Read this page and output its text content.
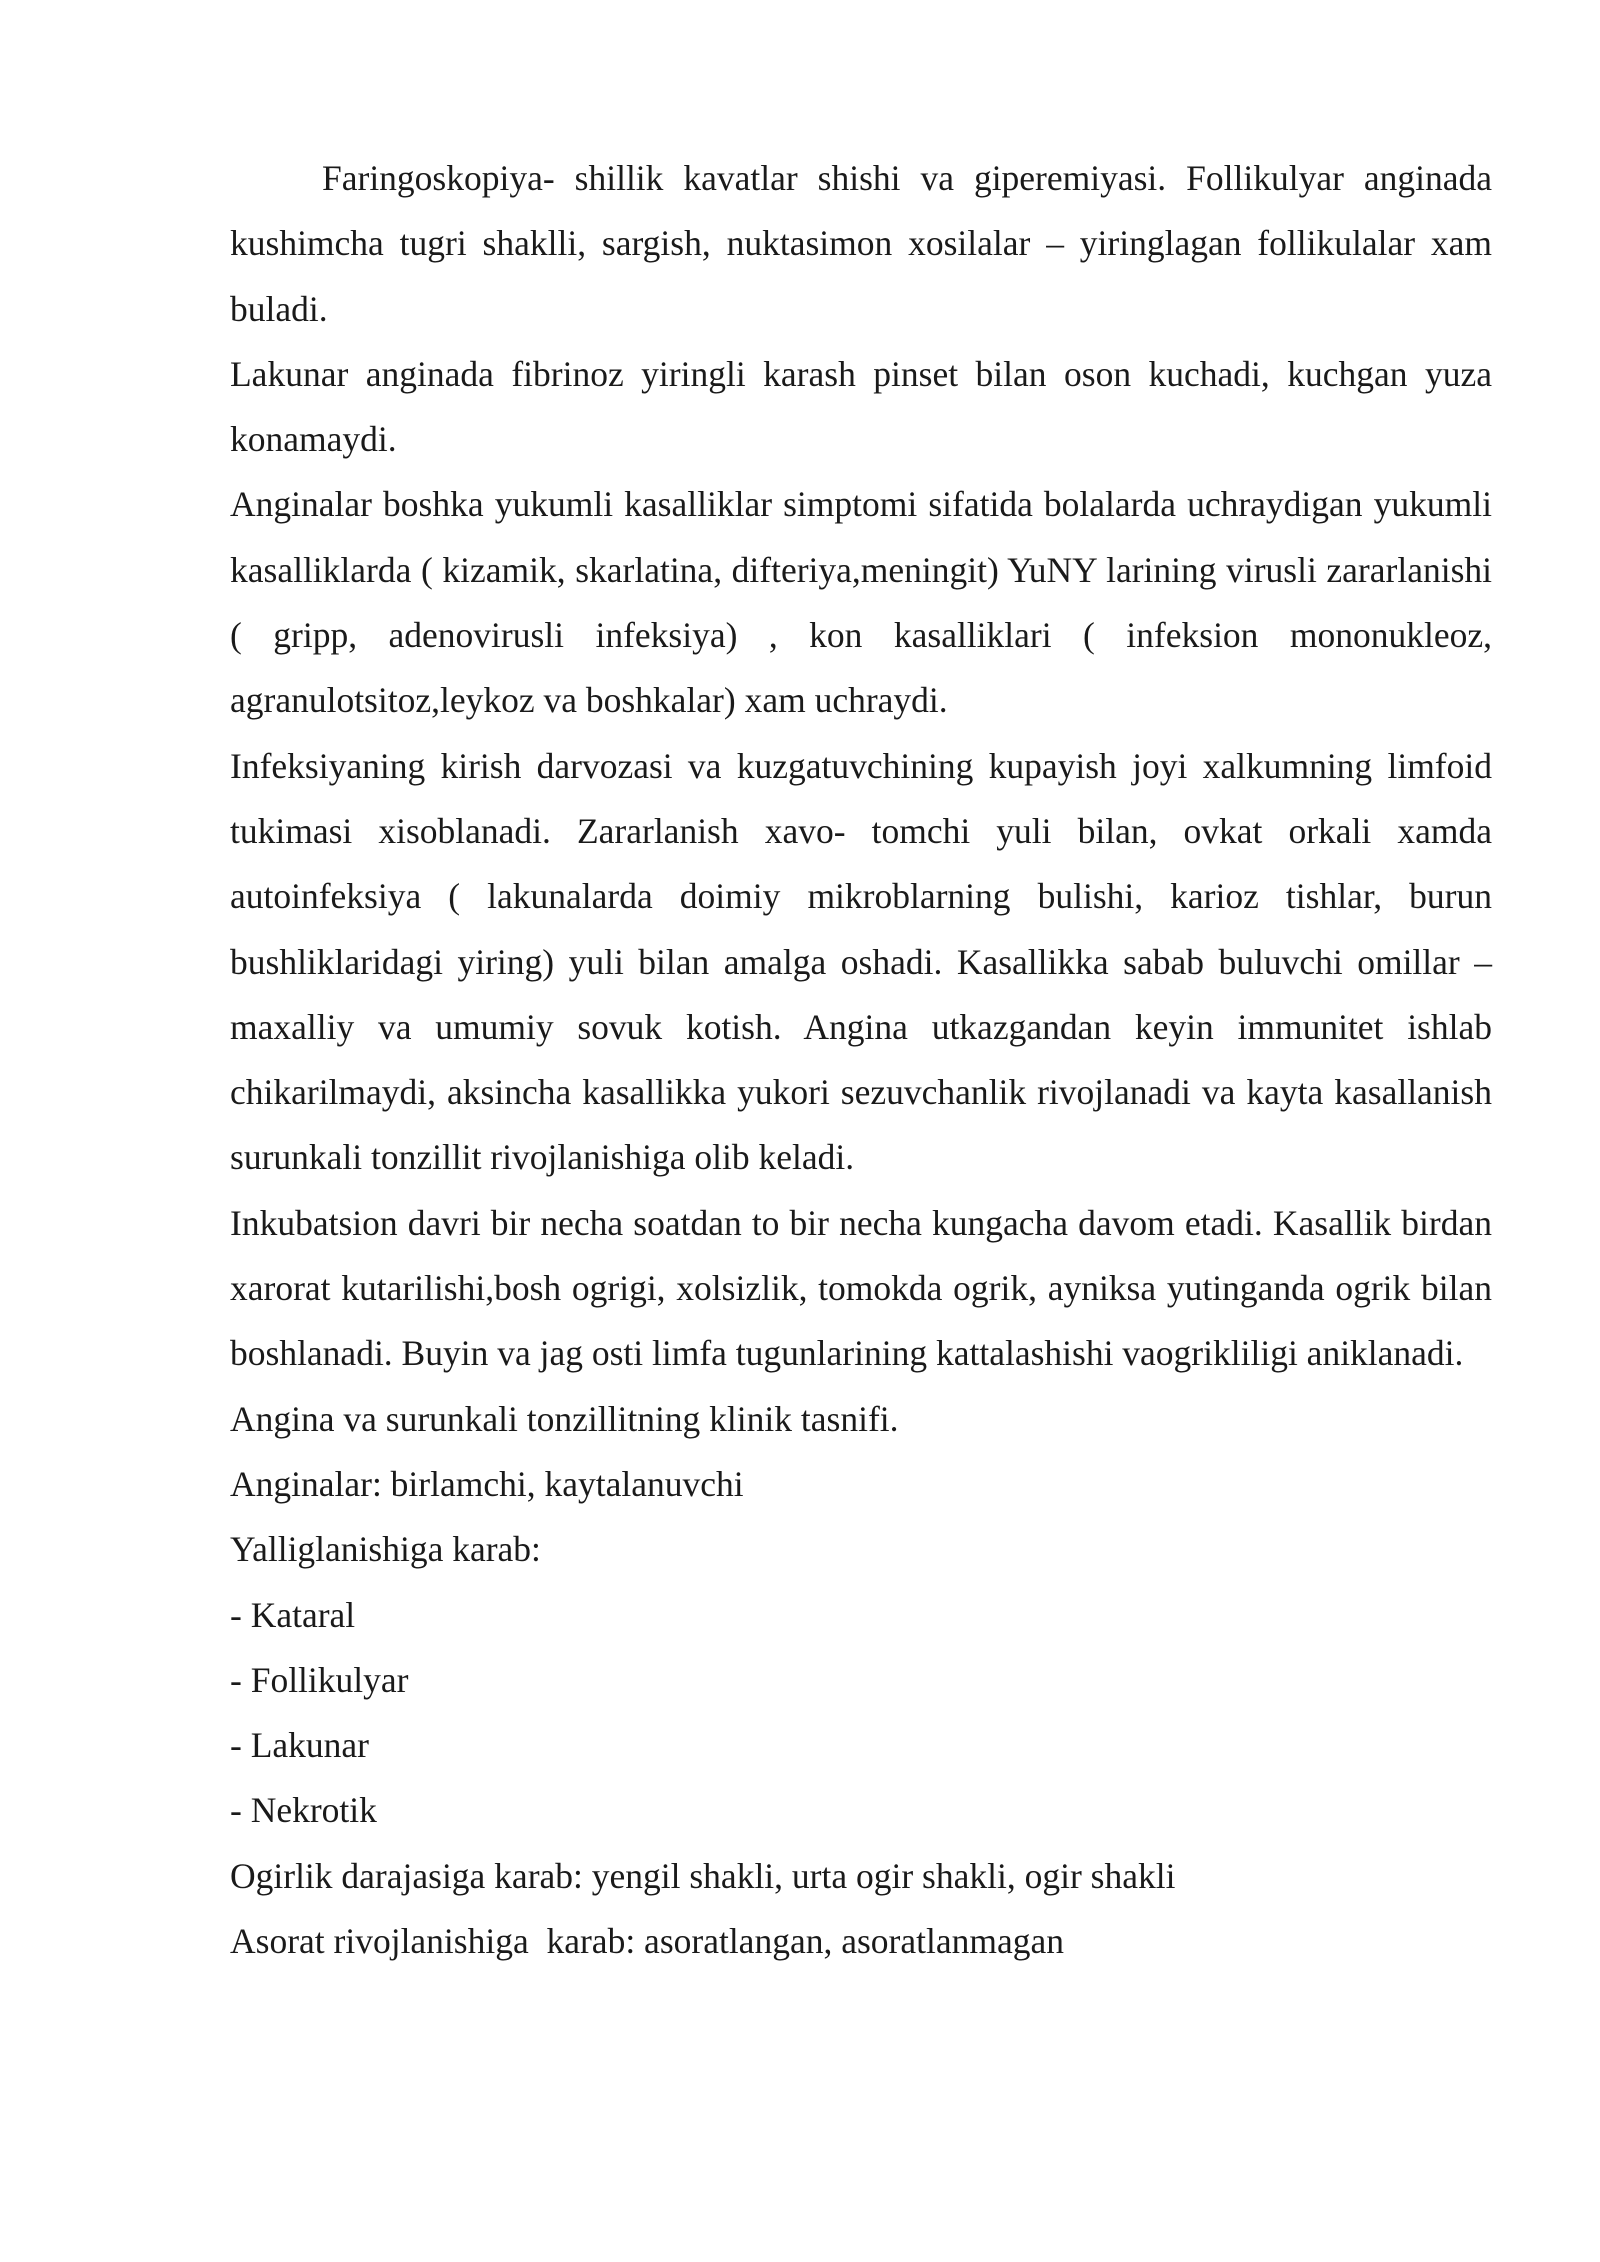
Faringoskopiya- shillik kavatlar shishi va giperemiyasi. Follikulyar anginada kushimcha tugri shaklli, sargish, nuktasimon xosilalar – yiringlagan follikulalar xam buladi.

Lakunar anginada fibrinoz yiringli karash pinset bilan oson kuchadi, kuchgan yuza konamaydi.

Anginalar boshka yukumli kasalliklar simptomi sifatida bolalarda uchraydigan yukumli kasalliklarda ( kizamik, skarlatina, difteriya,meningit) YuNY larining virusli zararlanishi ( gripp, adenovirusli infeksiya) , kon kasalliklari ( infeksion mononukleoz, agranulotsitoz,leykoz va boshkalar) xam uchraydi.

Infeksiyaning kirish darvozasi va kuzgatuvchining kupayish joyi xalkumning limfoid tukimasi xisoblanadi. Zararlanish xavo- tomchi yuli bilan, ovkat orkali xamda autoinfeksiya ( lakunalarda doimiy mikroblarning bulishi, karioz tishlar, burun bushliklaridagi yiring) yuli bilan amalga oshadi. Kasallikka sabab buluvchi omillar – maxalliy va umumiy sovuk kotish. Angina utkazgandan keyin immunitet ishlab chikarilmaydi, aksincha kasallikka yukori sezuvchanlik rivojlanadi va kayta kasallanish surunkali tonzillit rivojlanishiga olib keladi.

Inkubatsion davri bir necha soatdan to bir necha kungacha davom etadi. Kasallik birdan xarorat kutarilishi,bosh ogrigi, xolsizlik, tomokda ogrik, ayniksa yutinganda ogrik bilan boshlanadi. Buyin va jag osti limfa tugunlarining kattalashishi vaogrikliligi aniklanadi.

Angina va surunkali tonzillitning klinik tasnifi.

Anginalar: birlamchi, kaytalanuvchi

Yalliglanishiga karab:

- Kataral

- Follikulyar

- Lakunar

- Nekrotik

Ogirlik darajasiga karab: yengil shakli, urta ogir shakli, ogir shakli

Asorat rivojlanishiga  karab: asoratlangan, asoratlanmagan
